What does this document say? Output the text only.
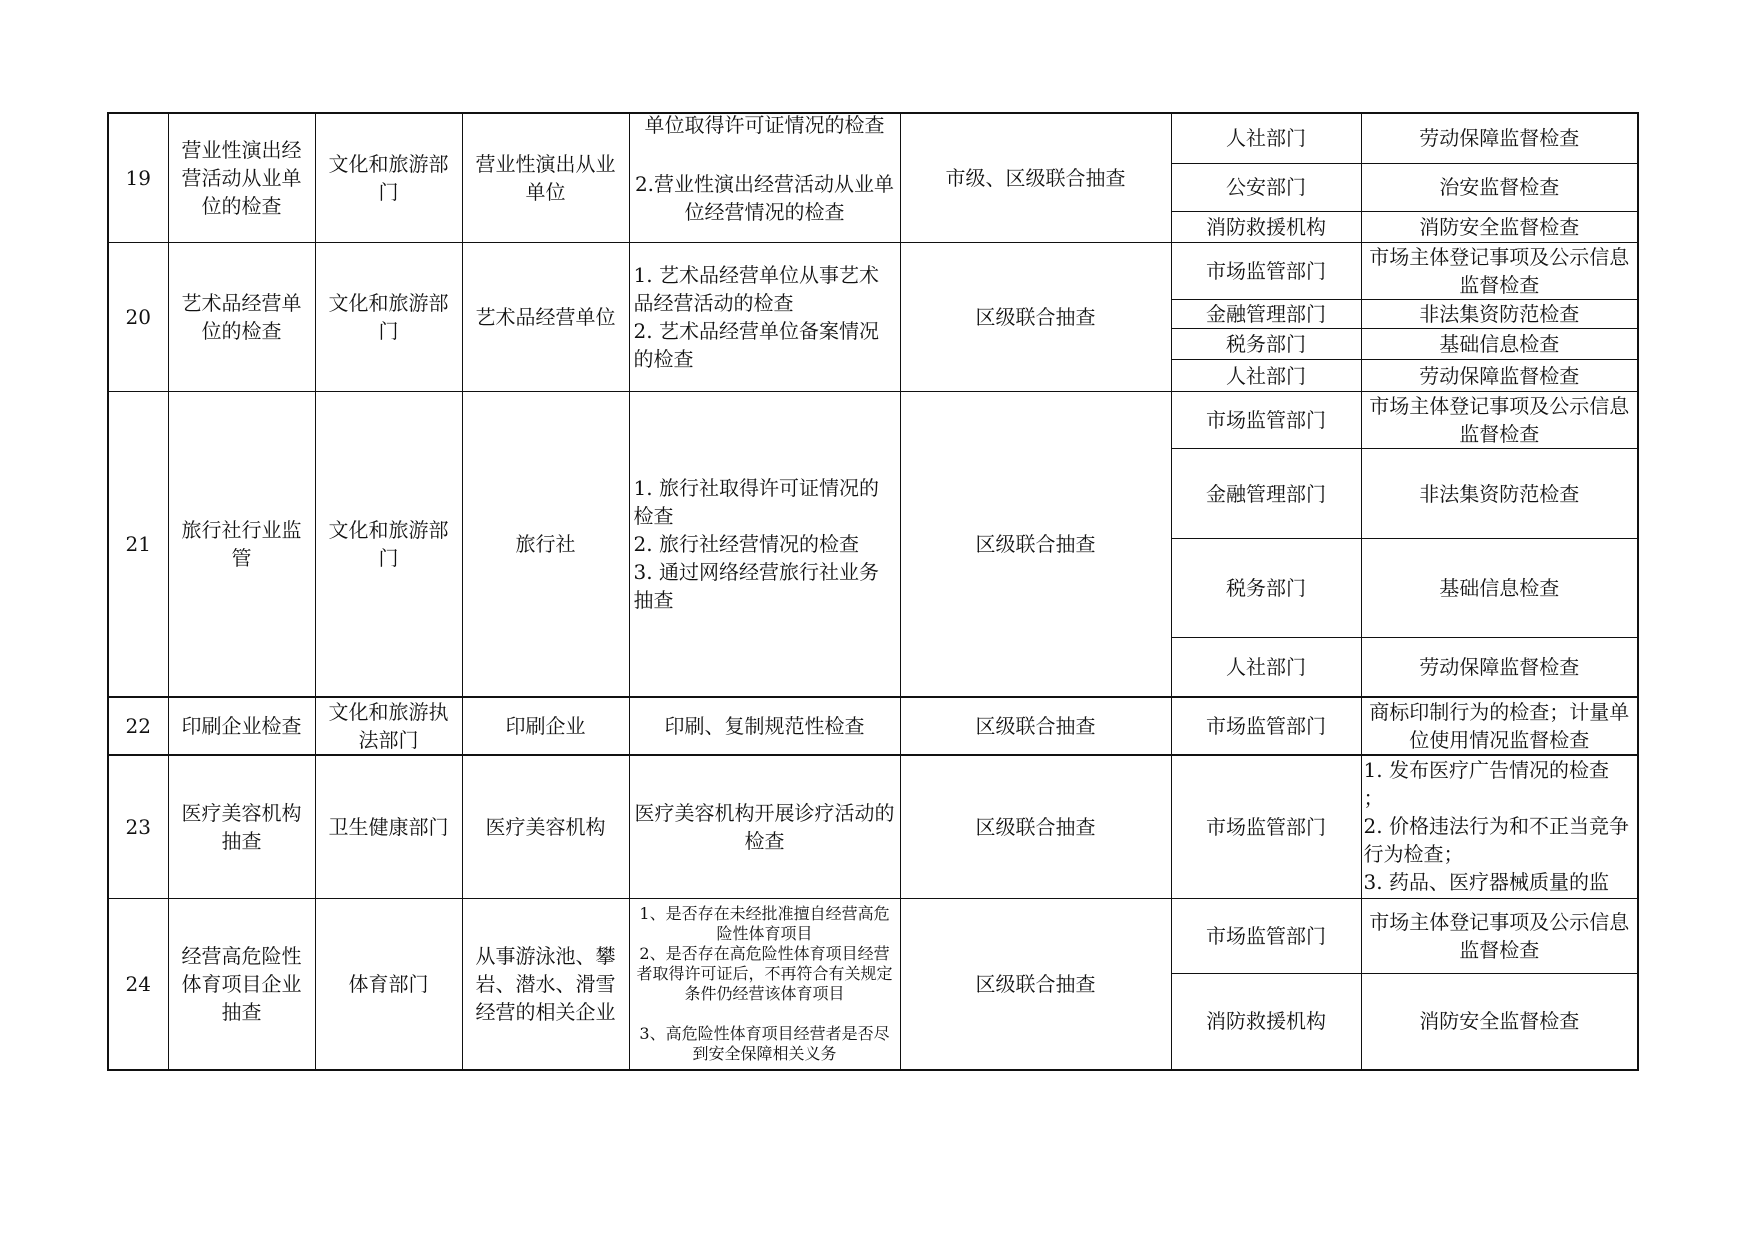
19	营业性演出经营活动从业单位的检查	文化和旅游部门	营业性演出从业单位	单位取得许可证情况的检查
2.营业性演出经营活动从业单位经营情况的检查	市级、区级联合抽查	人社部门	劳动保障监督检查
						公安部门	治安监督检查
						消防救援机构	消防安全监督检查
20	艺术品经营单位的检查	文化和旅游部门	艺术品经营单位	1. 艺术品经营单位从事艺术品经营活动的检查
2. 艺术品经营单位备案情况的检查	区级联合抽查	市场监管部门	市场主体登记事项及公示信息监督检查
						金融管理部门	非法集资防范检查
						税务部门	基础信息检查
						人社部门	劳动保障监督检查
21	旅行社行业监管	文化和旅游部门	旅行社	1. 旅行社取得许可证情况的检查
2. 旅行社经营情况的检查
3. 通过网络经营旅行社业务抽查	区级联合抽查	市场监管部门	市场主体登记事项及公示信息监督检查
						金融管理部门	非法集资防范检查
						税务部门	基础信息检查
						人社部门	劳动保障监督检查
22	印刷企业检查	文化和旅游执法部门	印刷企业	印刷、复制规范性检查	区级联合抽查	市场监管部门	商标印制行为的检查；计量单位使用情况监督检查
23	医疗美容机构抽查	卫生健康部门	医疗美容机构	医疗美容机构开展诊疗活动的检查	区级联合抽查	市场监管部门	1. 发布医疗广告情况的检查
；
2. 价格违法行为和不正当竞争行为检查；
3. 药品、医疗器械质量的监
24	经营高危险性体育项目企业抽查	体育部门	从事游泳池、攀岩、潜水、滑雪经营的相关企业	1、是否存在未经批准擅自经营高危险性体育项目
2、是否存在高危险性体育项目经营者取得许可证后，不再符合有关规定条件仍经营该体育项目

3、高危险性体育项目经营者是否尽到安全保障相关义务	区级联合抽查	市场监管部门	市场主体登记事项及公示信息监督检查
						消防救援机构	消防安全监督检查
